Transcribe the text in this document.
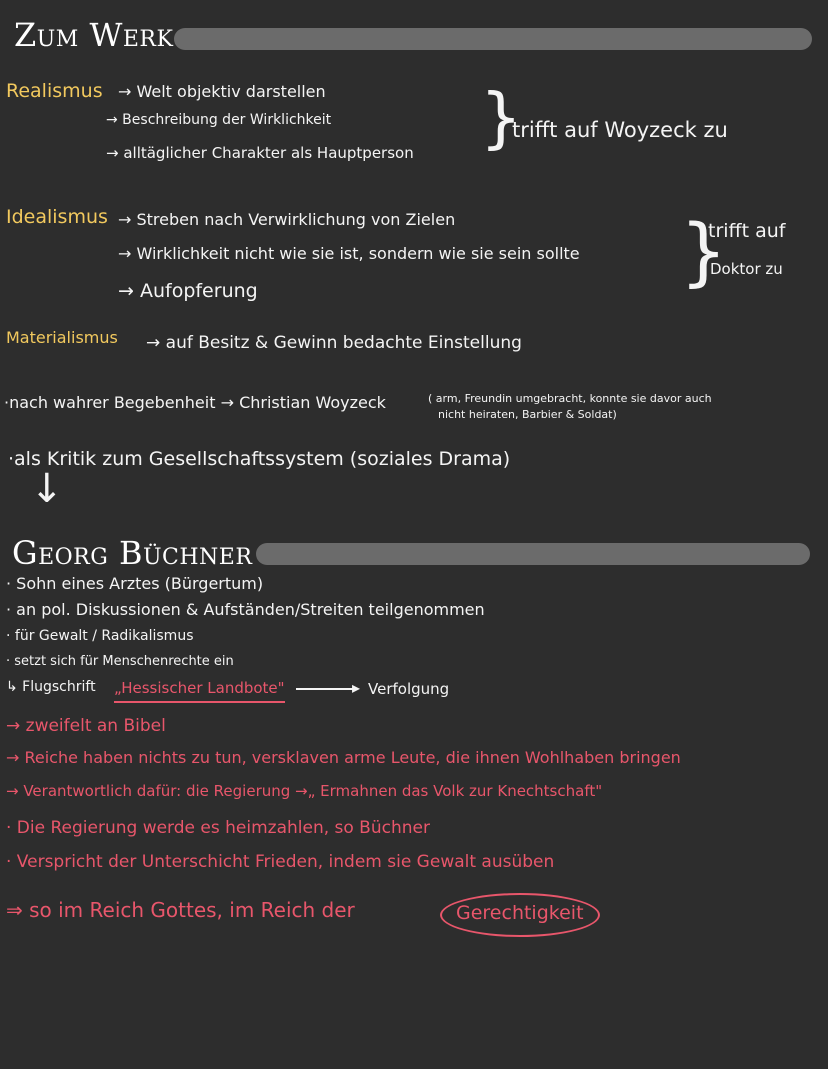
Zum Werk
Realismus → Welt objektiv darstellen
→ Beschreibung der Wirklichkeit
→ alltäglicher Charakter als Hauptperson }
trifft auf Woyzeck zu
Idealismus → Streben nach Verwirklichung von Zielen
→ Wirklichkeit nicht wie sie ist, sondern wie sie sein sollte
→ Aufopferung	}
trifft auf
Doktor zu
Materialismus → auf Besitz & Gewinn bedachte Einstellung
·nach wahrer Begebenheit → Christian Woyzeck	( arm, Freundin umgebracht, konnte sie davor auch
nicht heiraten, Barbier & Soldat)
·als Kritik zum Gesellschaftssystem (soziales Drama)
↓
Georg Büchner
· Sohn eines Arztes (Bürgertum)
· an pol. Diskussionen & Aufständen/Streiten teilgenommen
· für Gewalt / Radikalismus
· setzt sich für Menschenrechte ein
↳ Flugschrift „Hessischer Landbote"	▸ Verfolgung
→ zweifelt an Bibel
→ Reiche haben nichts zu tun, versklaven arme Leute, die ihnen Wohlhaben bringen
→ Verantwortlich dafür: die Regierung →„ Ermahnen das Volk zur Knechtschaft"
· Die Regierung werde es heimzahlen, so Büchner
· Verspricht der Unterschicht Frieden, indem sie Gewalt ausüben
⇒ so im Reich Gottes, im Reich der	Gerechtigkeit
